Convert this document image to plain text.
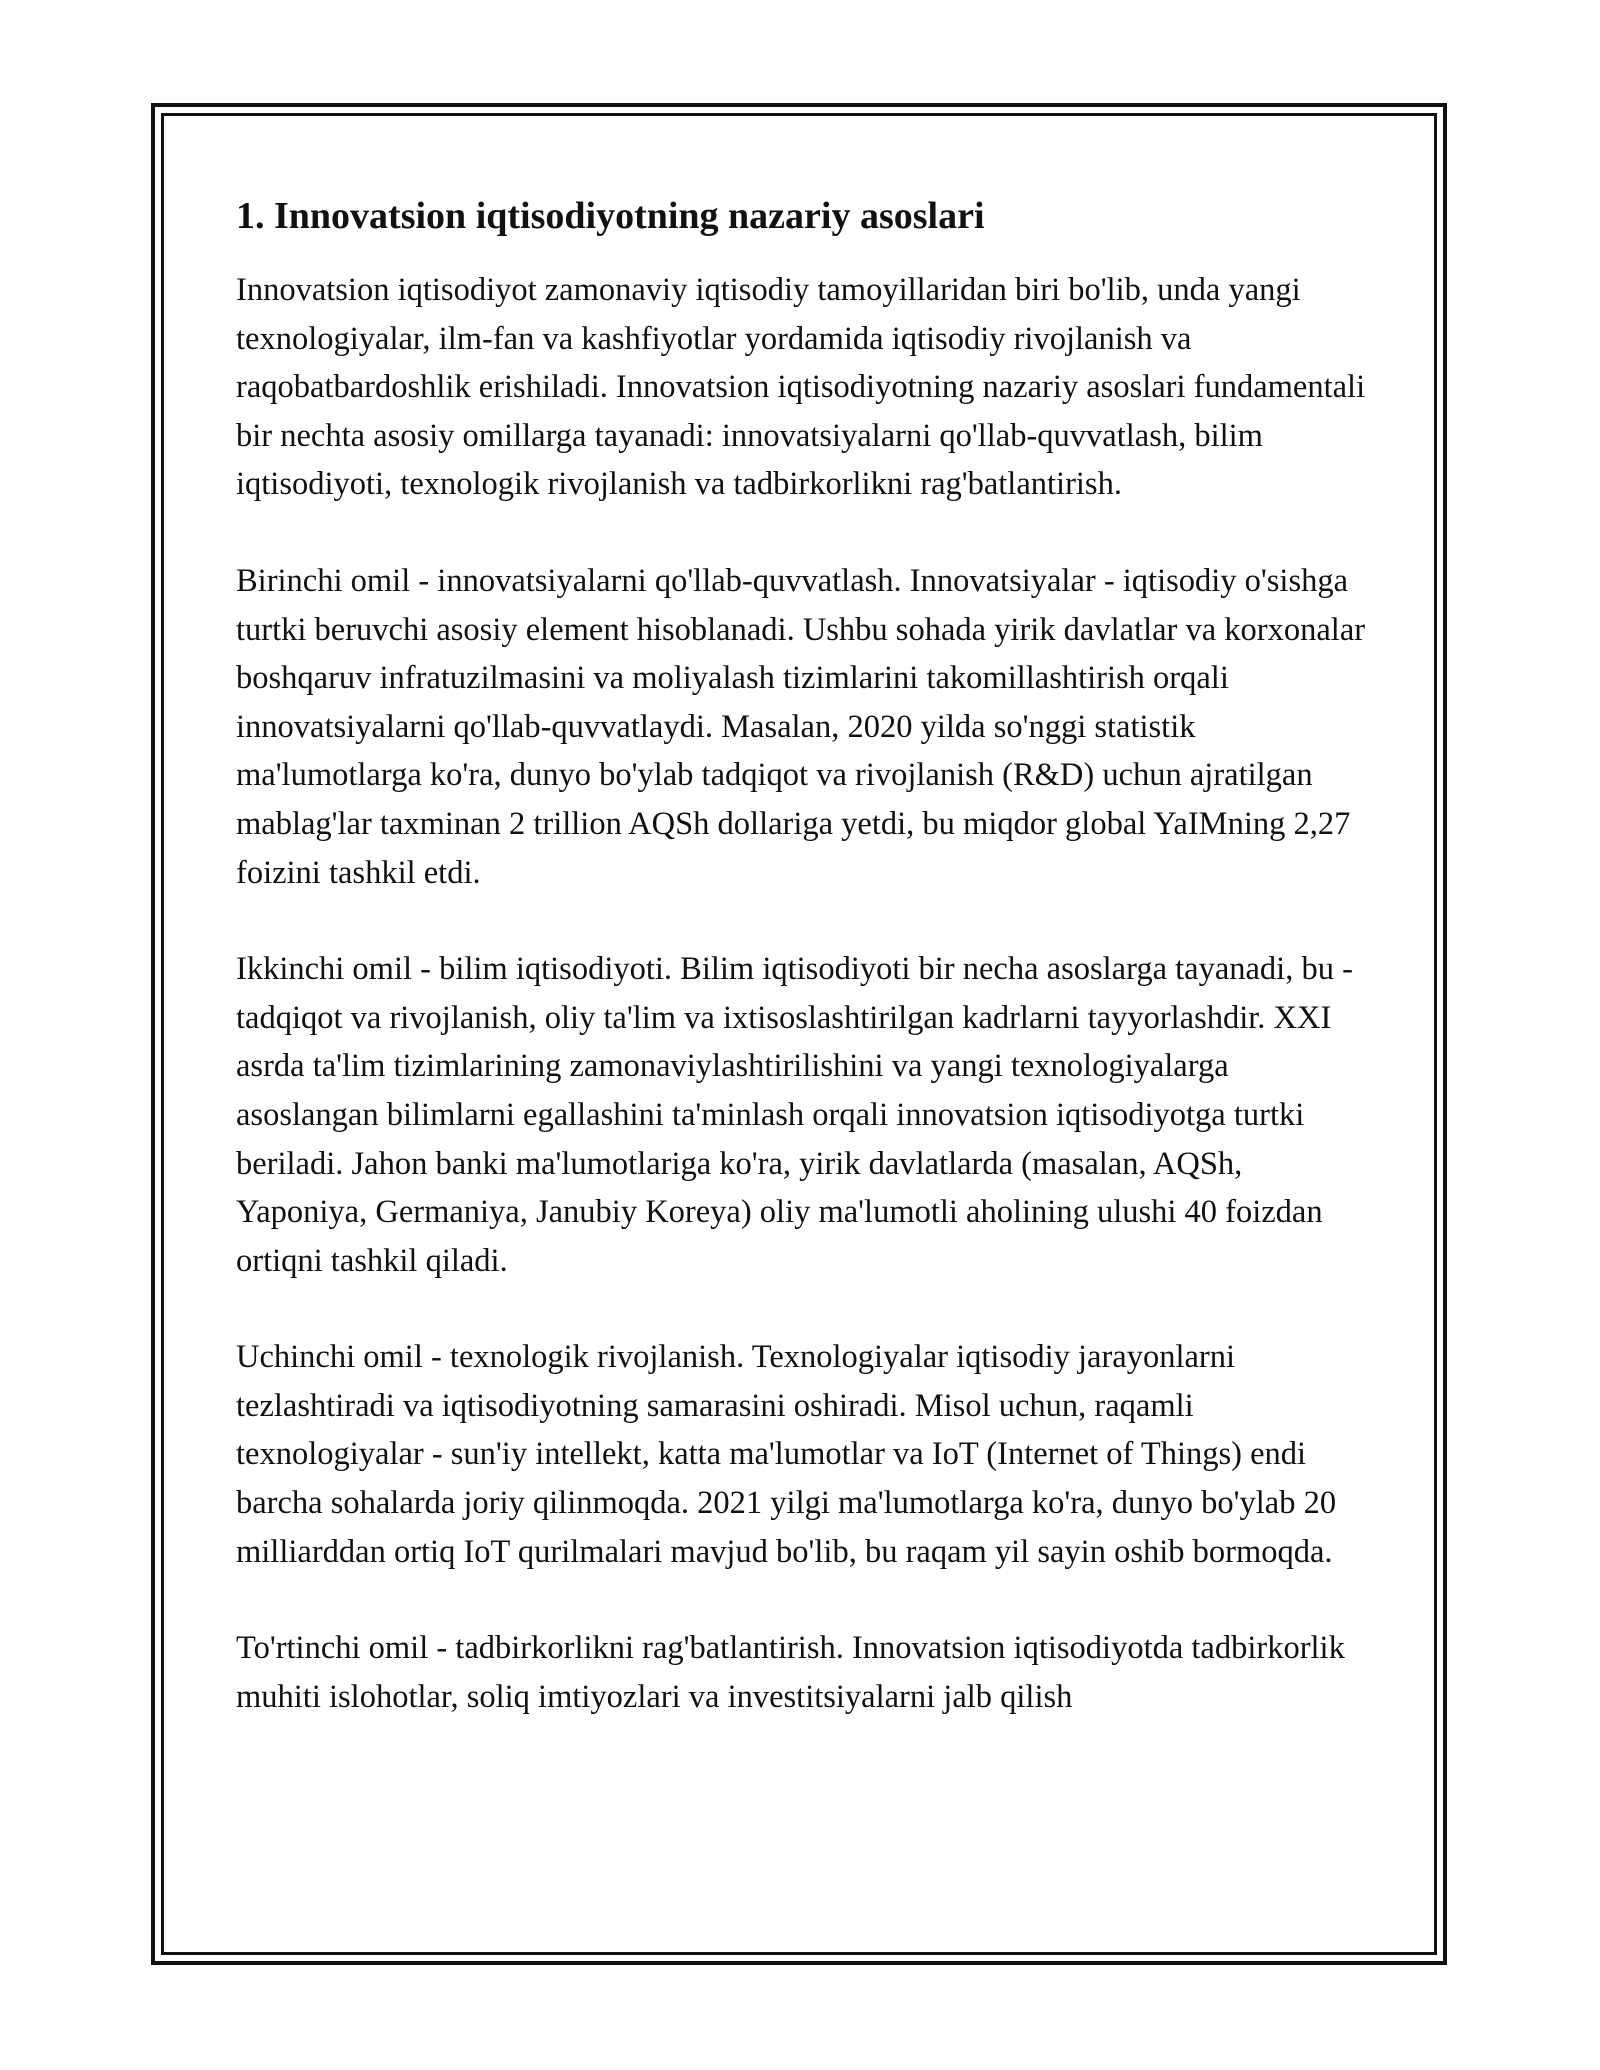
1. Innovatsion iqtisodiyotning nazariy asoslari

Innovatsion iqtisodiyot zamonaviy iqtisodiy tamoyillaridan biri bo'lib, unda yangi texnologiyalar, ilm-fan va kashfiyotlar yordamida iqtisodiy rivojlanish va raqobatbardoshlik erishiladi. Innovatsion iqtisodiyotning nazariy asoslari fundamentali bir nechta asosiy omillarga tayanadi: innovatsiyalarni qo'llab-quvvatlash, bilim iqtisodiyoti, texnologik rivojlanish va tadbirkorlikni rag'batlantirish.

Birinchi omil - innovatsiyalarni qo'llab-quvvatlash. Innovatsiyalar - iqtisodiy o'sishga turtki beruvchi asosiy element hisoblanadi. Ushbu sohada yirik davlatlar va korxonalar boshqaruv infratuzilmasini va moliyalash tizimlarini takomillashtirish orqali innovatsiyalarni qo'llab-quvvatlaydi. Masalan, 2020 yilda so'nggi statistik ma'lumotlarga ko'ra, dunyo bo'ylab tadqiqot va rivojlanish (R&D) uchun ajratilgan mablag'lar taxminan 2 trillion AQSh dollariga yetdi, bu miqdor global YaIMning 2,27 foizini tashkil etdi.

Ikkinchi omil - bilim iqtisodiyoti. Bilim iqtisodiyoti bir necha asoslarga tayanadi, bu - tadqiqot va rivojlanish, oliy ta'lim va ixtisoslashtirilgan kadrlarni tayyorlashdir. XXI asrda ta'lim tizimlarining zamonaviylashtirilishini va yangi texnologiyalarga asoslangan bilimlarni egallashini ta'minlash orqali innovatsion iqtisodiyotga turtki beriladi. Jahon banki ma'lumotlariga ko'ra, yirik davlatlarda (masalan, AQSh, Yaponiya, Germaniya, Janubiy Koreya) oliy ma'lumotli aholining ulushi 40 foizdan ortiqni tashkil qiladi.

Uchinchi omil - texnologik rivojlanish. Texnologiyalar iqtisodiy jarayonlarni tezlashtiradi va iqtisodiyotning samarasini oshiradi. Misol uchun, raqamli texnologiyalar - sun'iy intellekt, katta ma'lumotlar va IoT (Internet of Things) endi barcha sohalarda joriy qilinmoqda. 2021 yilgi ma'lumotlarga ko'ra, dunyo bo'ylab 20 milliarddan ortiq IoT qurilmalari mavjud bo'lib, bu raqam yil sayin oshib bormoqda.

To'rtinchi omil - tadbirkorlikni rag'batlantirish. Innovatsion iqtisodiyotda tadbirkorlik muhiti islohotlar, soliq imtiyozlari va investitsiyalarni jalb qilish
